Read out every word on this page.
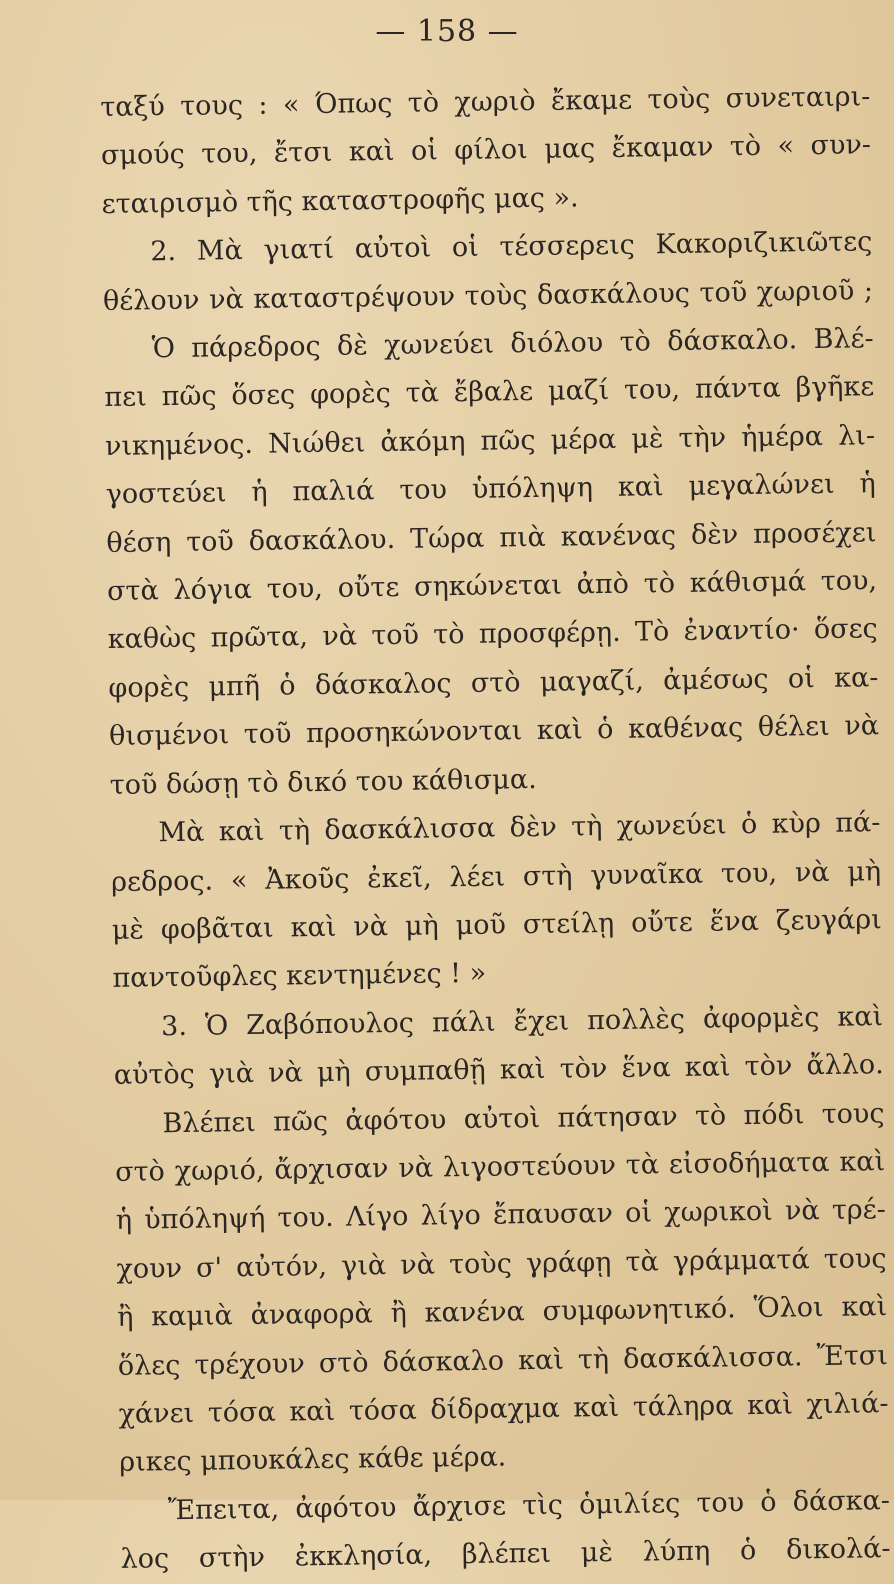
— 158 —
ταξύ τους : « Όπως τὸ χωριὸ ἔκαμε τοὺς συνεταιρι-
σμούς του, ἔτσι καὶ οἱ φίλοι μας ἔκαμαν τὸ « συν-
εταιρισμὸ τῆς καταστροφῆς μας ».
2. Μὰ γιατί αὐτοὶ οἱ τέσσερεις Κακοριζικιῶτες
θέλουν νὰ καταστρέψουν τοὺς δασκάλους τοῦ χωριοῦ ;
Ὁ πάρεδρος δὲ χωνεύει διόλου τὸ δάσκαλο. Βλέ-
πει πῶς ὅσες φορὲς τὰ ἔβαλε μαζί του, πάντα βγῆκε
νικημένος. Νιώθει ἀκόμη πῶς μέρα μὲ τὴν ἡμέρα λι-
γοστεύει ἡ παλιά του ὑπόληψη καὶ μεγαλώνει ἡ
θέση τοῦ δασκάλου. Τώρα πιὰ κανένας δὲν προσέχει
στὰ λόγια του, οὔτε σηκώνεται ἀπὸ τὸ κάθισμά του,
καθὼς πρῶτα, νὰ τοῦ τὸ προσφέρῃ. Τὸ ἐναντίο· ὅσες
φορὲς μπῆ ὁ δάσκαλος στὸ μαγαζί, ἀμέσως οἱ κα-
θισμένοι τοῦ προσηκώνονται καὶ ὁ καθένας θέλει νὰ
τοῦ δώσῃ τὸ δικό του κάθισμα.
Μὰ καὶ τὴ δασκάλισσα δὲν τὴ χωνεύει ὁ κὺρ πά-
ρεδρος. « Ἀκοῦς ἐκεῖ, λέει στὴ γυναῖκα του, νὰ μὴ
μὲ φοβᾶται καὶ νὰ μὴ μοῦ στείλῃ οὔτε ἕνα ζευγάρι
παντοῦφλες κεντημένες ! »
3. Ὁ Ζαβόπουλος πάλι ἔχει πολλὲς ἀφορμὲς καὶ
αὐτὸς γιὰ νὰ μὴ συμπαθῇ καὶ τὸν ἕνα καὶ τὸν ἄλλο.
Βλέπει πῶς ἀφότου αὐτοὶ πάτησαν τὸ πόδι τους
στὸ χωριό, ἄρχισαν νὰ λιγοστεύουν τὰ εἰσοδήματα καὶ
ἡ ὑπόληψή του. Λίγο λίγο ἔπαυσαν οἱ χωρικοὶ νὰ τρέ-
χουν σ' αὐτόν, γιὰ νὰ τοὺς γράφῃ τὰ γράμματά τους
ἢ καμιὰ ἀναφορὰ ἢ κανένα συμφωνητικό. Ὅλοι καὶ
ὅλες τρέχουν στὸ δάσκαλο καὶ τὴ δασκάλισσα. Ἔτσι
χάνει τόσα καὶ τόσα δίδραχμα καὶ τάληρα καὶ χιλιά-
ρικες μπουκάλες κάθε μέρα.
Ἔπειτα, ἀφότου ἄρχισε τὶς ὁμιλίες του ὁ δάσκα-
λος στὴν ἐκκλησία, βλέπει μὲ λύπη ὁ δικολά-
